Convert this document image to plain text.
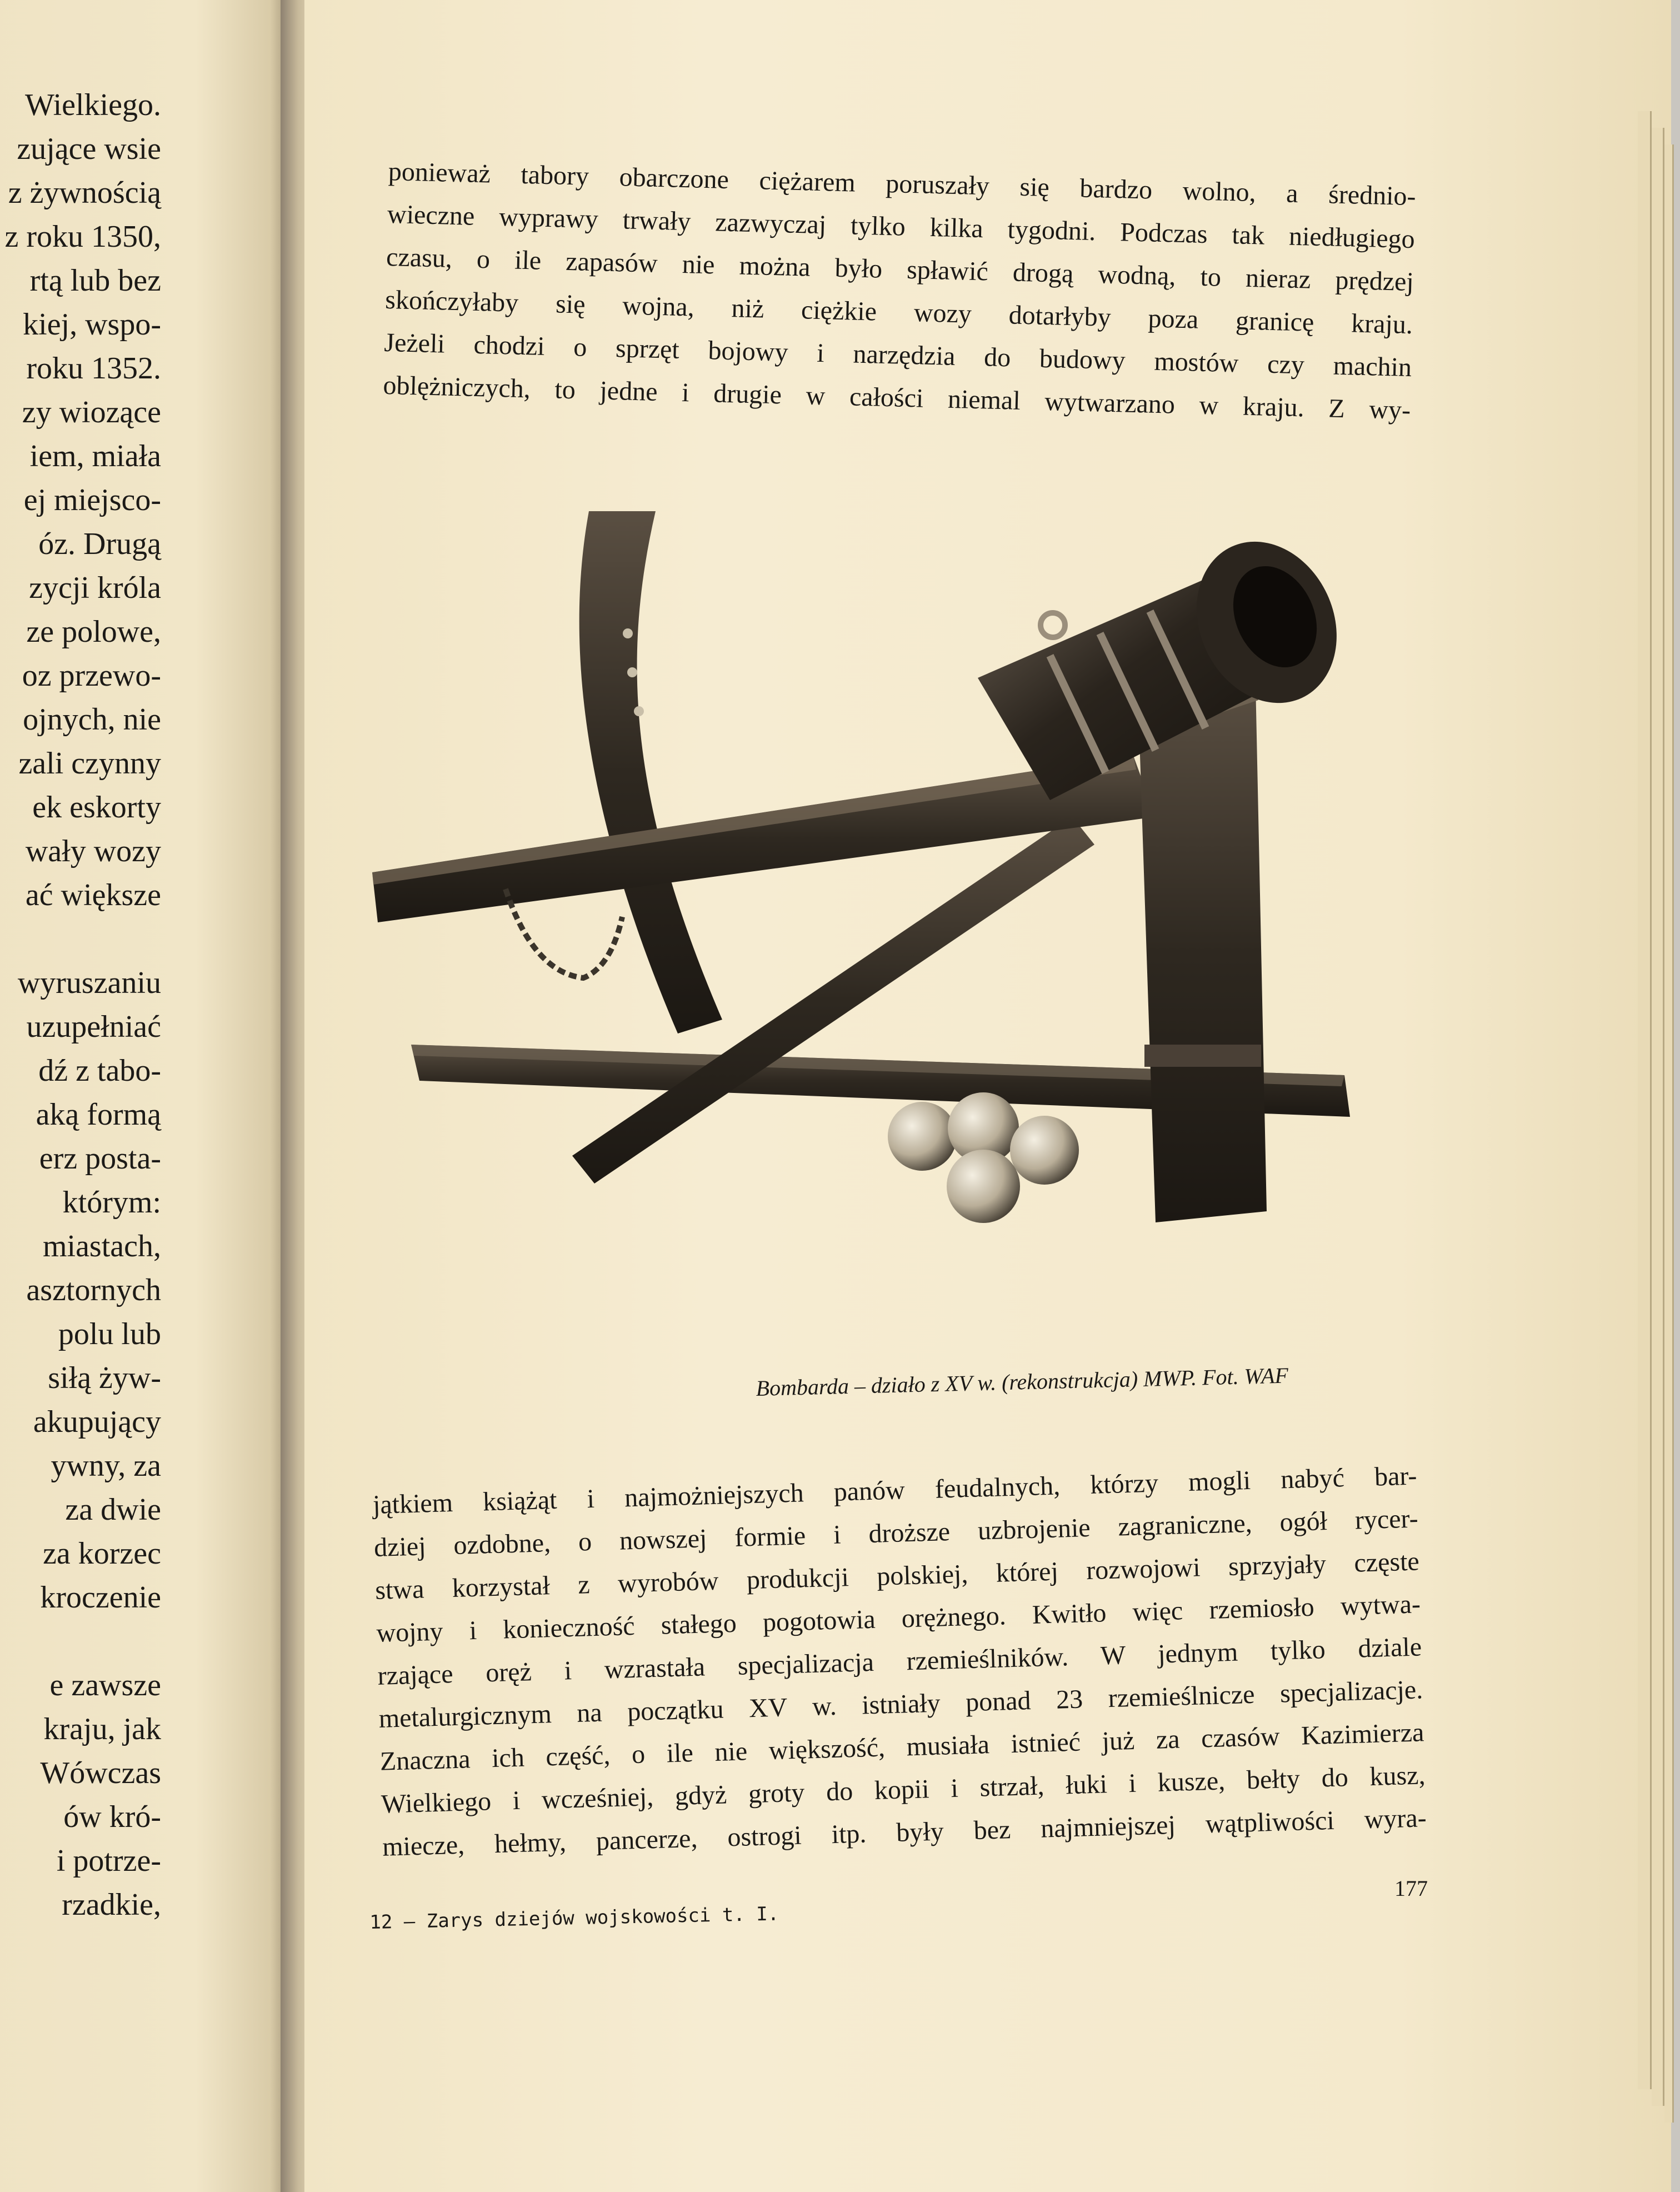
Wielkiego.
zujące wsie
z żywnością
z roku 1350,
rtą lub bez
kiej, wspo-
roku 1352.
zy wiozące
iem, miała
ej miejsco-
óz. Drugą
zycji króla
ze polowe,
oz przewo-
ojnych, nie
zali czynny
ek eskorty
wały wozy
ać większe
wyruszaniu
uzupełniać
dź z tabo-
aką formą
erz posta-
którym:
miastach,
asztornych
polu lub
siłą żyw-
akupujący
ywny, za
za dwie
za korzec
kroczenie
e zawsze
kraju, jak
Wówczas
ów kró-
i potrze-
rzadkie,
ponieważ tabory obarczone ciężarem poruszały się bardzo wolno, a średnio-
wieczne wyprawy trwały zazwyczaj tylko kilka tygodni. Podczas tak niedługiego
czasu, o ile zapasów nie można było spławić drogą wodną, to nieraz prędzej
skończyłaby się wojna, niż ciężkie wozy dotarłyby poza granicę kraju.
Jeżeli chodzi o sprzęt bojowy i narzędzia do budowy mostów czy machin
oblężniczych, to jedne i drugie w całości niemal wytwarzano w kraju. Z wy-
Bombarda – działo z XV w. (rekonstrukcja) MWP. Fot. WAF
jątkiem książąt i najmożniejszych panów feudalnych, którzy mogli nabyć bar-
dziej ozdobne, o nowszej formie i droższe uzbrojenie zagraniczne, ogół rycer-
stwa korzystał z wyrobów produkcji polskiej, której rozwojowi sprzyjały częste
wojny i konieczność stałego pogotowia orężnego. Kwitło więc rzemiosło wytwa-
rzające oręż i wzrastała specjalizacja rzemieślników. W jednym tylko dziale
metalurgicznym na początku XV w. istniały ponad 23 rzemieślnicze specjalizacje.
Znaczna ich część, o ile nie większość, musiała istnieć już za czasów Kazimierza
Wielkiego i wcześniej, gdyż groty do kopii i strzał, łuki i kusze, bełty do kusz,
miecze, hełmy, pancerze, ostrogi itp. były bez najmniejszej wątpliwości wyra-
177
12 — Zarys dziejów wojskowości t. I.
